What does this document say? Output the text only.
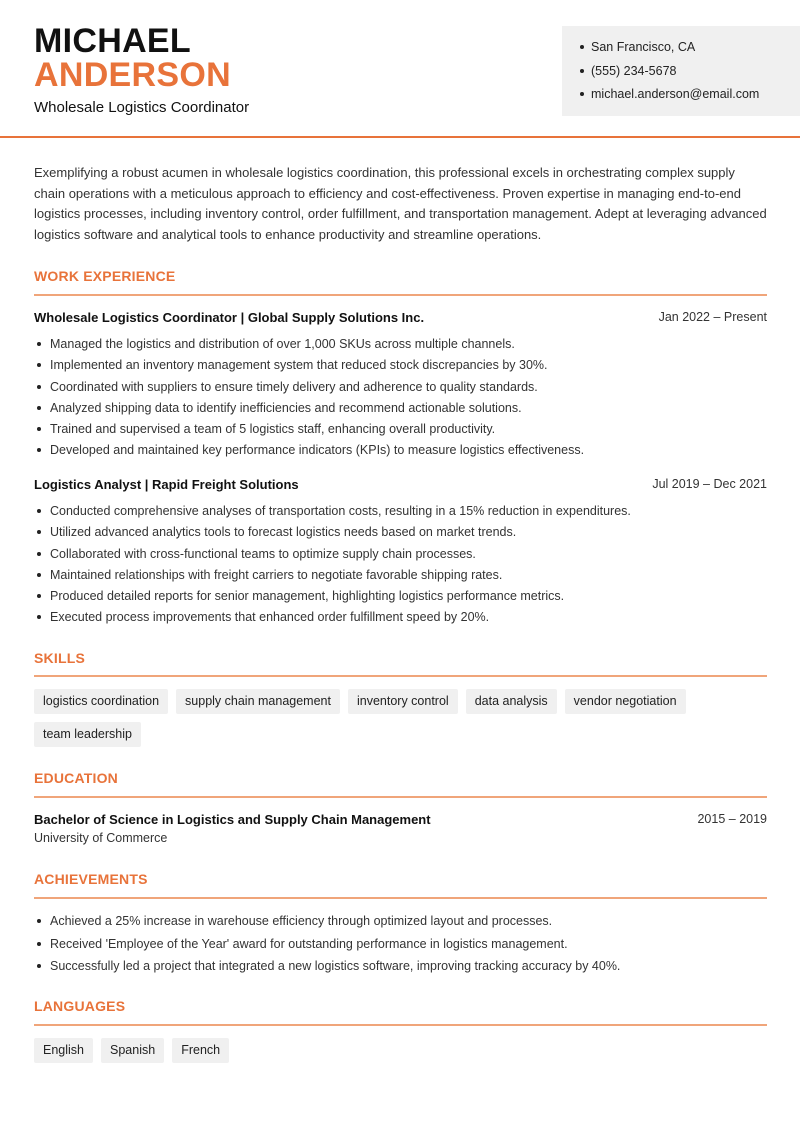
MICHAEL
ANDERSON
Wholesale Logistics Coordinator
San Francisco, CA
(555) 234-5678
michael.anderson@email.com

Exemplifying a robust acumen in wholesale logistics coordination, this professional excels in orchestrating complex supply chain operations with a meticulous approach to efficiency and cost-effectiveness. Proven expertise in managing end-to-end logistics processes, including inventory control, order fulfillment, and transportation management. Adept at leveraging advanced logistics software and analytical tools to enhance productivity and streamline operations.

WORK EXPERIENCE
Wholesale Logistics Coordinator | Global Supply Solutions Inc.	Jan 2022 – Present
Managed the logistics and distribution of over 1,000 SKUs across multiple channels.
Implemented an inventory management system that reduced stock discrepancies by 30%.
Coordinated with suppliers to ensure timely delivery and adherence to quality standards.
Analyzed shipping data to identify inefficiencies and recommend actionable solutions.
Trained and supervised a team of 5 logistics staff, enhancing overall productivity.
Developed and maintained key performance indicators (KPIs) to measure logistics effectiveness.
Logistics Analyst | Rapid Freight Solutions	Jul 2019 – Dec 2021
Conducted comprehensive analyses of transportation costs, resulting in a 15% reduction in expenditures.
Utilized advanced analytics tools to forecast logistics needs based on market trends.
Collaborated with cross-functional teams to optimize supply chain processes.
Maintained relationships with freight carriers to negotiate favorable shipping rates.
Produced detailed reports for senior management, highlighting logistics performance metrics.
Executed process improvements that enhanced order fulfillment speed by 20%.
SKILLS
logistics coordination	supply chain management	inventory control	data analysis	vendor negotiation
team leadership
EDUCATION
Bachelor of Science in Logistics and Supply Chain Management	2015 – 2019
University of Commerce
ACHIEVEMENTS
Achieved a 25% increase in warehouse efficiency through optimized layout and processes.
Received 'Employee of the Year' award for outstanding performance in logistics management.
Successfully led a project that integrated a new logistics software, improving tracking accuracy by 40%.
LANGUAGES
English	Spanish	French
